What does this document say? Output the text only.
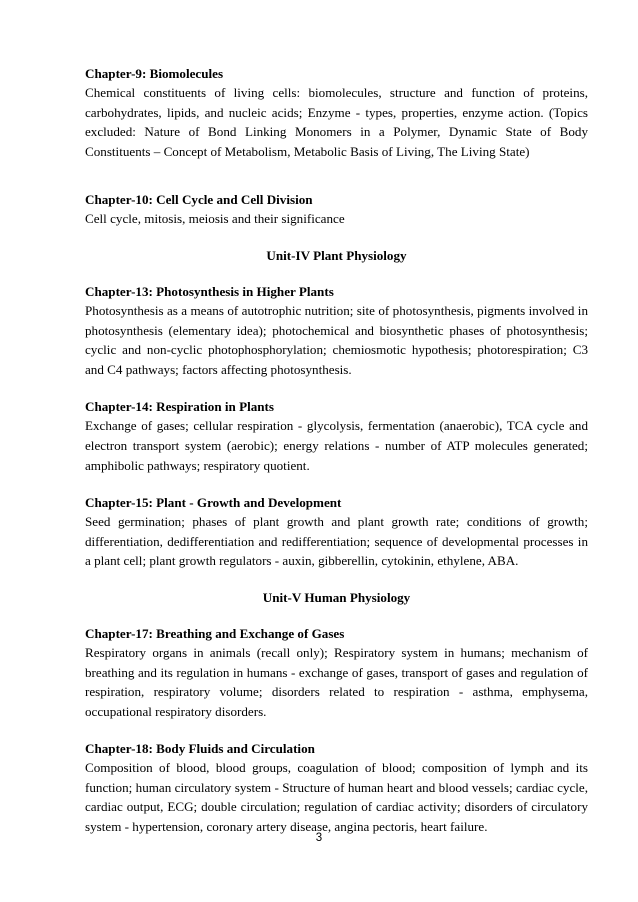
Chapter-9: Biomolecules

Chemical constituents of living cells: biomolecules, structure and function of proteins, carbohydrates, lipids, and nucleic acids; Enzyme - types, properties, enzyme action. (Topics excluded: Nature of Bond Linking Monomers in a Polymer, Dynamic State of Body Constituents – Concept of Metabolism, Metabolic Basis of Living, The Living State)

Chapter-10: Cell Cycle and Cell Division

Cell cycle, mitosis, meiosis and their significance

Unit-IV Plant Physiology

Chapter-13: Photosynthesis in Higher Plants

Photosynthesis as a means of autotrophic nutrition; site of photosynthesis, pigments involved in photosynthesis (elementary idea); photochemical and biosynthetic phases of photosynthesis; cyclic and non-cyclic photophosphorylation; chemiosmotic hypothesis; photorespiration; C3 and C4 pathways; factors affecting photosynthesis.

Chapter-14: Respiration in Plants

Exchange of gases; cellular respiration - glycolysis, fermentation (anaerobic), TCA cycle and electron transport system (aerobic); energy relations - number of ATP molecules generated; amphibolic pathways; respiratory quotient.

Chapter-15: Plant - Growth and Development

Seed germination; phases of plant growth and plant growth rate; conditions of growth; differentiation, dedifferentiation and redifferentiation; sequence of developmental processes in a plant cell; plant growth regulators - auxin, gibberellin, cytokinin, ethylene, ABA.

Unit-V Human Physiology

Chapter-17: Breathing and Exchange of Gases

Respiratory organs in animals (recall only); Respiratory system in humans; mechanism of breathing and its regulation in humans - exchange of gases, transport of gases and regulation of respiration, respiratory volume; disorders related to respiration - asthma, emphysema, occupational respiratory disorders.

Chapter-18: Body Fluids and Circulation

Composition of blood, blood groups, coagulation of blood; composition of lymph and its function; human circulatory system - Structure of human heart and blood vessels; cardiac cycle, cardiac output, ECG; double circulation; regulation of cardiac activity; disorders of circulatory system - hypertension, coronary artery disease, angina pectoris, heart failure.

3
